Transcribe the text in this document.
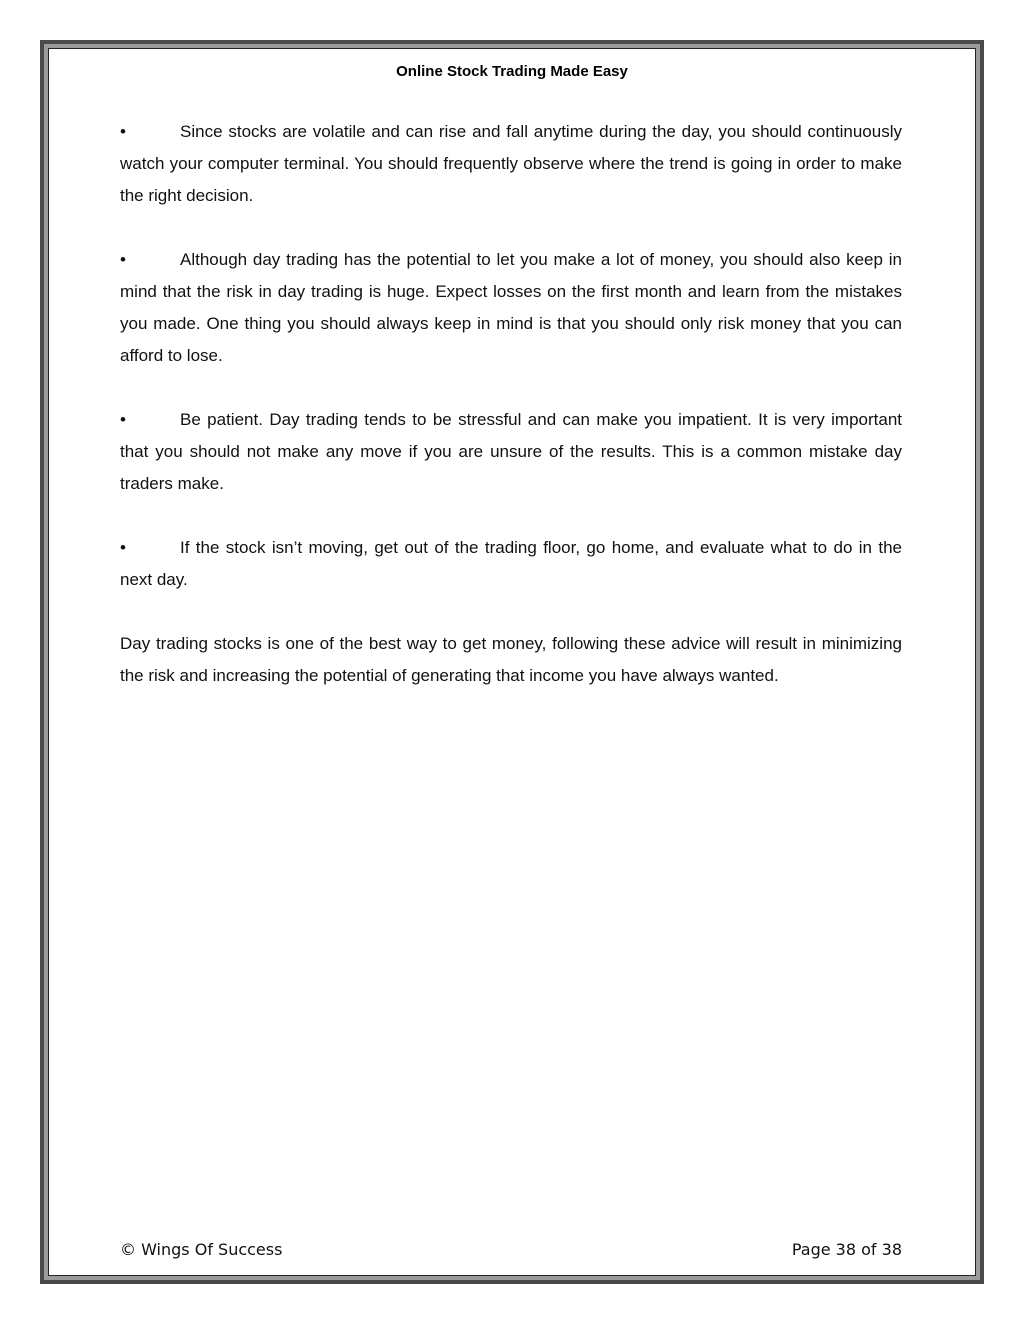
Online Stock Trading Made Easy

•	Since stocks are volatile and can rise and fall anytime during the day, you should continuously watch your computer terminal. You should frequently observe where the trend is going in order to make the right decision.

•	Although day trading has the potential to let you make a lot of money, you should also keep in mind that the risk in day trading is huge. Expect losses on the first month and learn from the mistakes you made. One thing you should always keep in mind is that you should only risk money that you can afford to lose.

•	Be patient. Day trading tends to be stressful and can make you impatient. It is very important that you should not make any move if you are unsure of the results. This is a common mistake day traders make.

•	If the stock isn’t moving, get out of the trading floor, go home, and evaluate what to do in the next day.

Day trading stocks is one of the best way to get money, following these advice will result in minimizing the risk and increasing the potential of generating that income you have always wanted.

© Wings Of Success	Page 38 of 38
